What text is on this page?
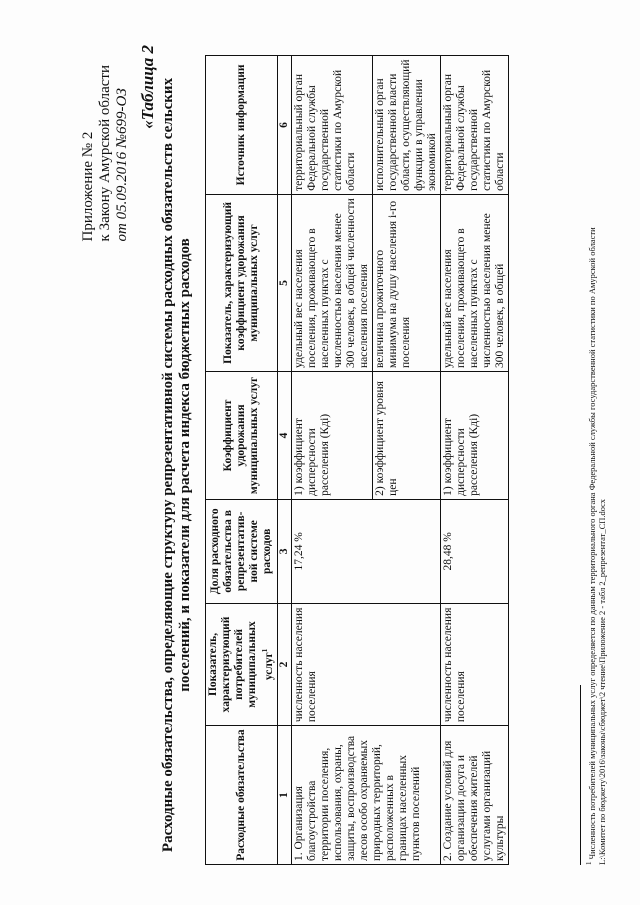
Приложение № 2 к Закону Амурской области от 05.09.2016 №699-ОЗ
«Таблица 2 Расходные обязательства, определяющие структуру репрезентативной системы расходных обязательств сельских поселений, и показатели для расчета индекса бюджетных расходов
Расходные обязательства	Показатель, характеризующий потребителей муниципальных услуг$^1$	Доля расходного обязательства в репрезентатив-ной системе расходов	Коэффициент удорожания муниципальных услуг	Показатель, характеризующий коэффициент удорожания муниципальных услуг	Источник информации
1	2	3	4	5	6
1. Организация благоустройства территории поселения, использования, охраны, защиты, воспроизводства лесов особо охраняемых природных территорий, расположенных в границах населенных пунктов поселений	численность населения поселения	17,24 %	1) коэффициент дисперсности расселения (Кдi)	удельный вес населения поселения, проживающего в населенных пунктах с численностью населения менее 300 человек, в общей численности населения поселения	территориальный орган Федеральной службы государственной статистики по Амурской области
			2) коэффициент уровня цен	величина прожиточного минимума на душу населения i-го поселения	исполнительный орган государственной власти области, осуществляющий функции в управлении экономикой
2. Создание условий для организации досуга и обеспечения жителей услугами организаций культуры	численность населения поселения	28,48 %	1) коэффициент дисперсности расселения (Кдi)	удельный вес населения поселения, проживающего в населенных пунктах с численностью населения менее 300 человек, в общей	территориальный орган Федеральной службы государственной статистики по Амурской области
$^1$ Численность потребителей муниципальных услуг определяется по данным территориального органа Федеральной службы государственной статистики по Амурской области L:\Комитет по бюджету\2016\законы\сбюджет\2 чтение\Приложение 2 - табл 2_репрезентат_СП.docx
